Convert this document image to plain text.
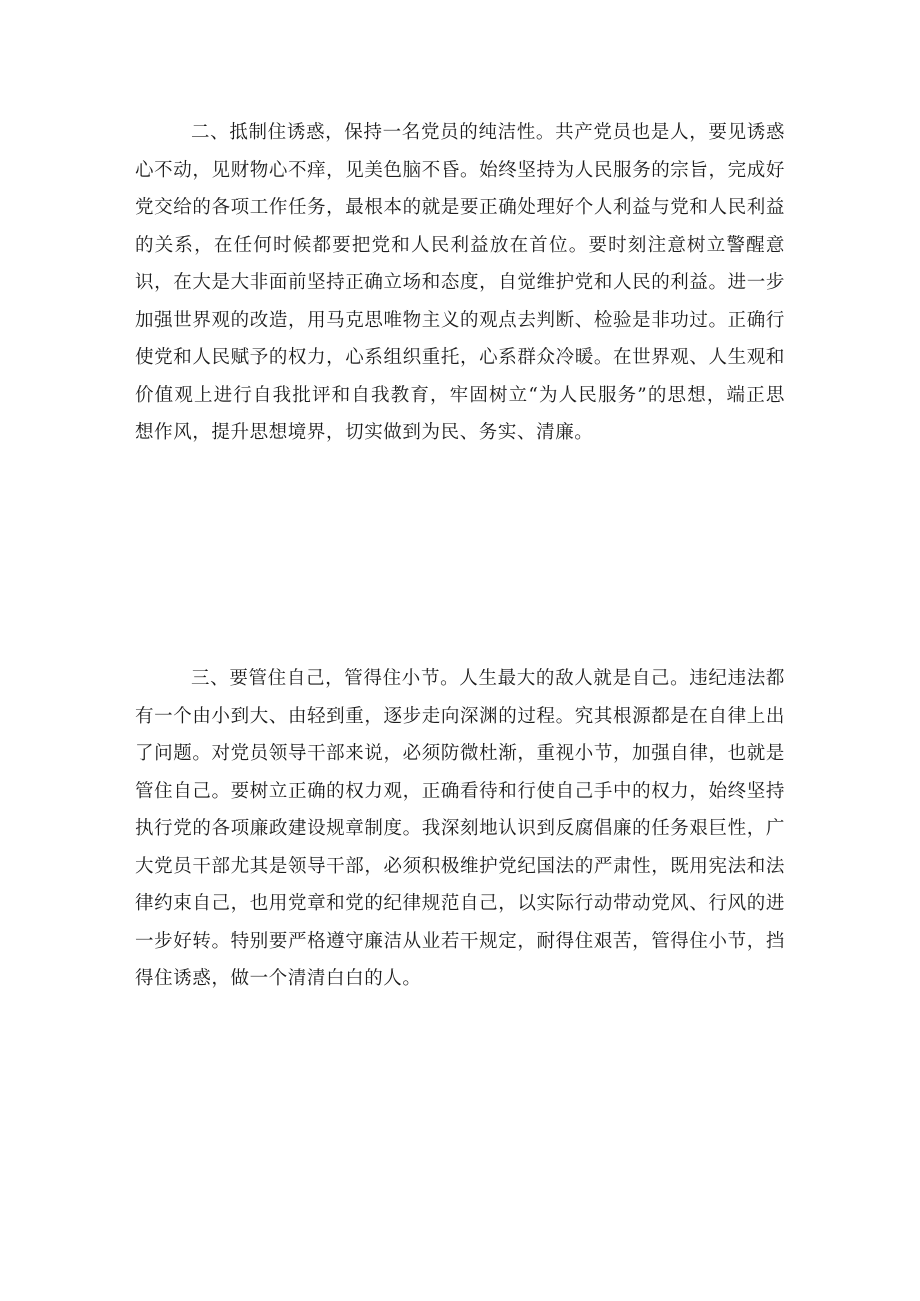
二、抵制住诱惑，保持一名党员的纯洁性。共产党员也是人，要见诱惑心不动，见财物心不痒，见美色脑不昏。始终坚持为人民服务的宗旨，完成好党交给的各项工作任务，最根本的就是要正确处理好个人利益与党和人民利益的关系，在任何时候都要把党和人民利益放在首位。要时刻注意树立警醒意识，在大是大非面前坚持正确立场和态度，自觉维护党和人民的利益。进一步加强世界观的改造，用马克思唯物主义的观点去判断、检验是非功过。正确行使党和人民赋予的权力，心系组织重托，心系群众冷暖。在世界观、人生观和价值观上进行自我批评和自我教育，牢固树立“为人民服务”的思想，端正思想作风，提升思想境界，切实做到为民、务实、清廉。

三、要管住自己，管得住小节。人生最大的敌人就是自己。违纪违法都有一个由小到大、由轻到重，逐步走向深渊的过程。究其根源都是在自律上出了问题。对党员领导干部来说，必须防微杜渐，重视小节，加强自律，也就是管住自己。要树立正确的权力观，正确看待和行使自己手中的权力，始终坚持执行党的各项廉政建设规章制度。我深刻地认识到反腐倡廉的任务艰巨性，广大党员干部尤其是领导干部，必须积极维护党纪国法的严肃性，既用宪法和法律约束自己，也用党章和党的纪律规范自己，以实际行动带动党风、行风的进一步好转。特别要严格遵守廉洁从业若干规定，耐得住艰苦，管得住小节，挡得住诱惑，做一个清清白白的人。
